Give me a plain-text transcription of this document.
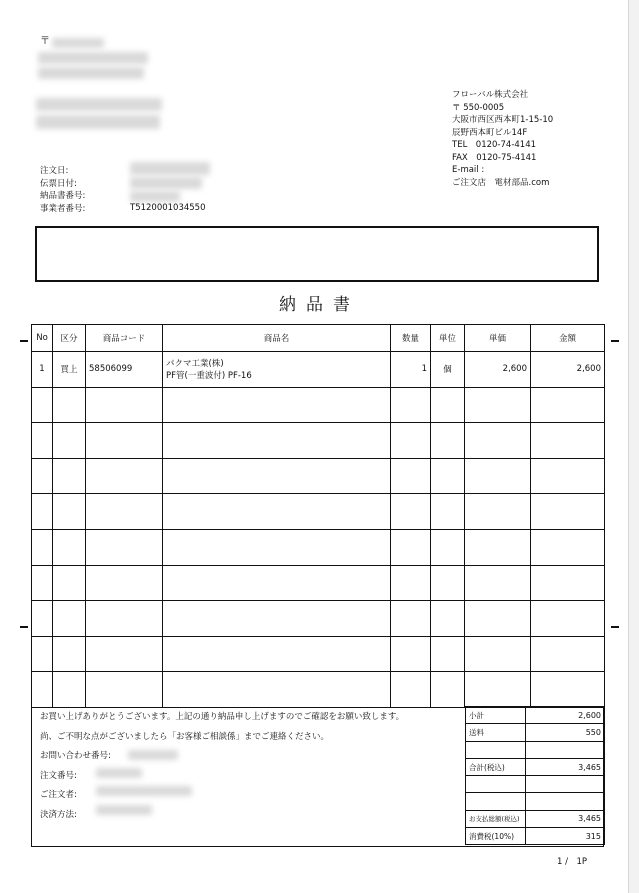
〒
フローバル株式会社
〒 550-0005
大阪市西区西本町1-15-10
辰野西本町ビル14F
TEL　0120-74-4141
FAX　0120-75-4141
E-mail :
ご注文店　電材部品.com
注文日:
伝票日付:
納品書番号:
事業者番号:	T5120001034550
納品書
No	区分	商品コード	商品名	数量	単位	単価	金額
1	買上	58506099	パクマ工業(株)
PF管(一重波付) PF-16	1	個	2,600	2,600

お買い上げありがとうございます。上記の通り納品申し上げますのでご確認をお願い致します。
尚、ご不明な点がございましたら「お客様ご相談係」までご連絡ください。
お問い合わせ番号:
注文番号:
ご注文者:
決済方法:
小計	2,600
送料	550

合計(税込)	3,465

お支払総額(税込)	3,465
消費税(10%)	315
1 /　1P
